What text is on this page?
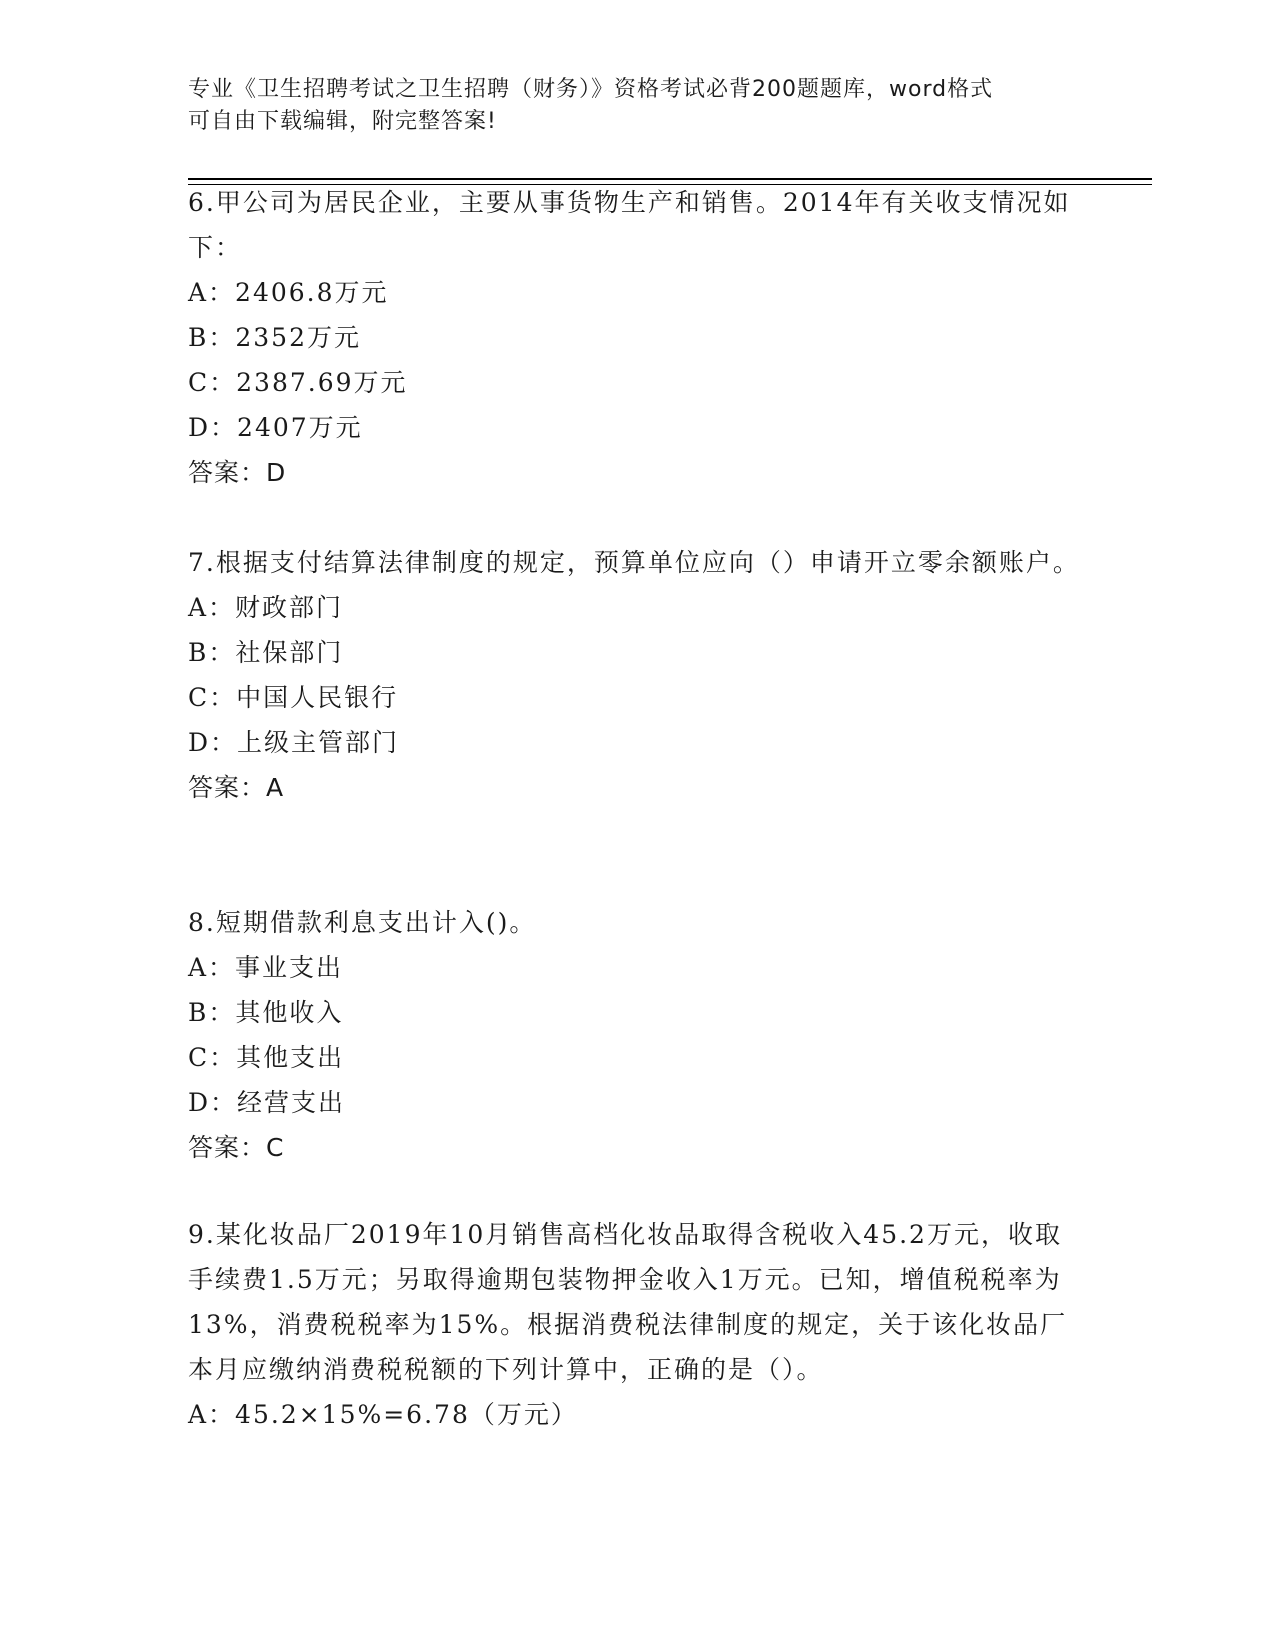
专业《卫生招聘考试之卫生招聘（财务）》资格考试必背200题题库，word格式
可自由下载编辑，附完整答案!

6.甲公司为居民企业，主要从事货物生产和销售。2014年有关收支情况如下：

A：2406.8万元

B：2352万元

C：2387.69万元

D：2407万元

答案：D

7.根据支付结算法律制度的规定，预算单位应向（）申请开立零余额账户。

A：财政部门

B：社保部门

C：中国人民银行

D：上级主管部门

答案：A

8.短期借款利息支出计入()。

A：事业支出

B：其他收入

C：其他支出

D：经营支出

答案：C

9.某化妆品厂2019年10月销售高档化妆品取得含税收入45.2万元，收取手续费1.5万元；另取得逾期包装物押金收入1万元。已知，增值税税率为13%，消费税税率为15%。根据消费税法律制度的规定，关于该化妆品厂本月应缴纳消费税税额的下列计算中，正确的是（）。

A：45.2×15%=6.78（万元）
